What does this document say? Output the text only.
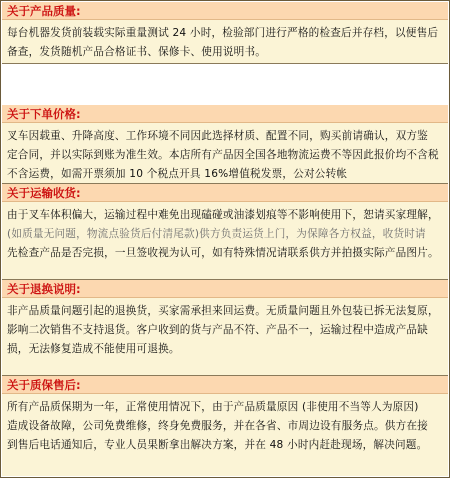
关于产品质量:
每台机器发货前装载实际重量测试 24 小时，检验部门进行严格的检查后并存档，以便售后
备查，发货随机产品合格证书、保修卡、使用说明书。
关于下单价格:
叉车因载重、升降高度、工作环境不同因此选择材质、配置不同，购买前请确认，双方鉴
定合同，并以实际到账为准生效。本店所有产品因全国各地物流运费不等因此报价均不含税
不含运费，如需开票须加 10 个税点开具 16%增值税发票，公对公转帐
关于运输收货:
由于叉车体积偏大，运输过程中难免出现磕碰或油漆划痕等不影响使用下，恕请买家理解，
(如质量无问题，物流点验货后付清尾款)供方负责运货上门，为保障各方权益，收货时请
先检查产品是否完损，一旦签收视为认可，如有特殊情况请联系供方并拍摄实际产品图片。
关于退换说明:
非产品质量问题引起的退换货，买家需承担来回运费。无质量问题且外包装已拆无法复原，
影响二次销售不支持退货。客户收到的货与产品不符、产品不一，运输过程中造成产品缺
损，无法修复造成不能使用可退换。
关于质保售后:
所有产品质保期为一年，正常使用情况下，由于产品质量原因 (非使用不当等人为原因)
造成设备故障，公司免费维修，终身免费服务，并在各省、市周边设有服务点。供方在接
到售后电话通知后，专业人员果断拿出解决方案，并在 48 小时内赶赴现场，解决问题。
